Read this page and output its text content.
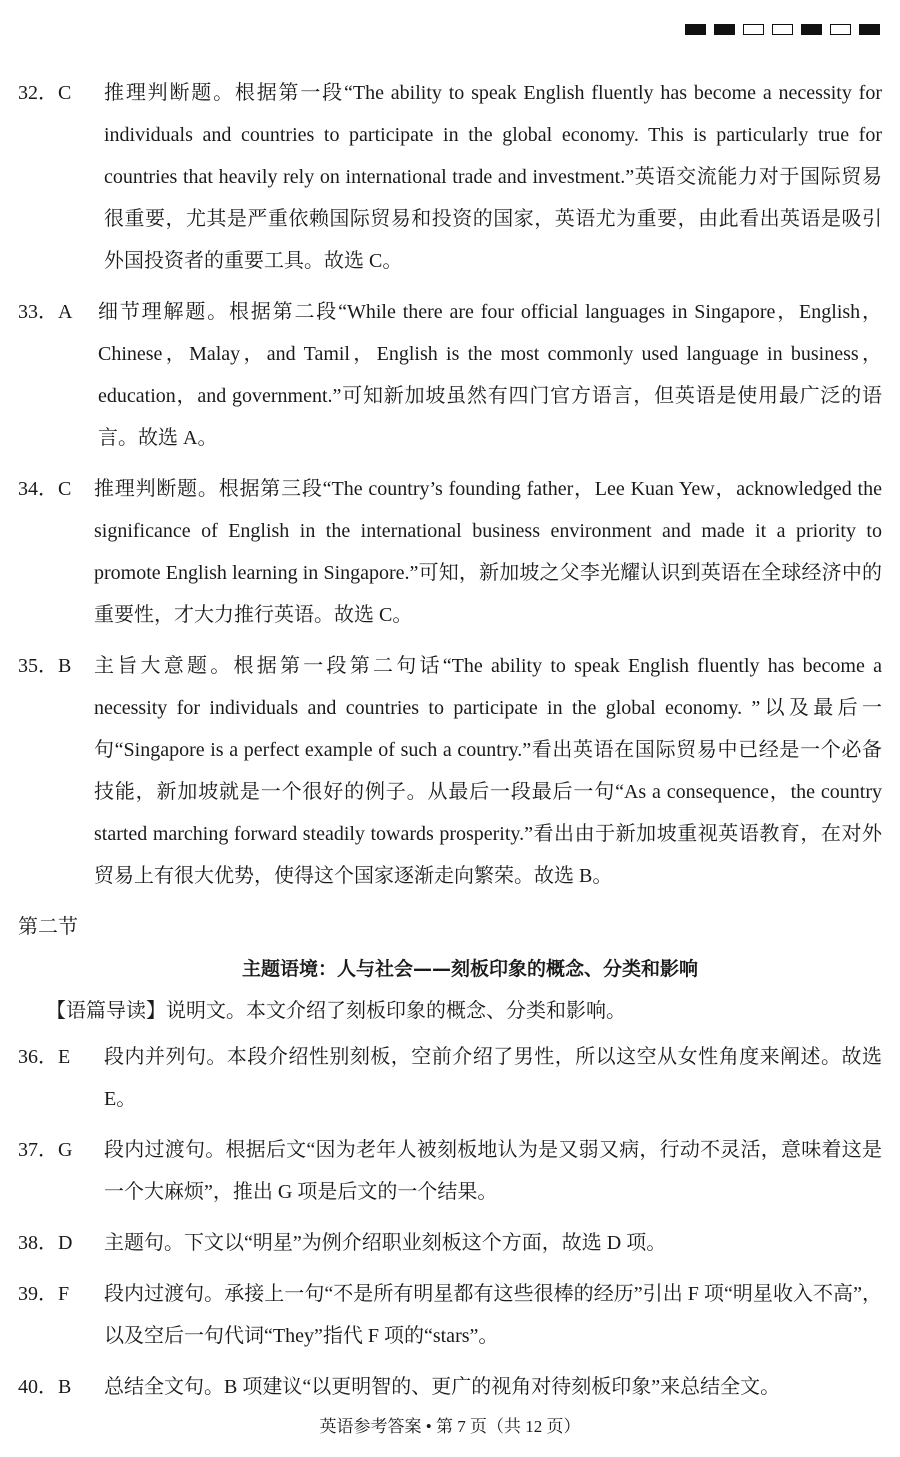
32．C 推理判断题。根据第一段“The ability to speak English fluently has become a necessity for individuals and countries to participate in the global economy. This is particularly true for countries that heavily rely on international trade and investment.”英语交流能力对于国际贸易很重要，尤其是严重依赖国际贸易和投资的国家，英语尤为重要，由此看出英语是吸引外国投资者的重要工具。故选 C。
33．A 细节理解题。根据第二段“While there are four official languages in Singapore，English，Chinese，Malay，and Tamil，English is the most commonly used language in business，education，and government.”可知新加坡虽然有四门官方语言，但英语是使用最广泛的语言。故选 A。
34．C 推理判断题。根据第三段“The country’s founding father，Lee Kuan Yew，acknowledged the significance of English in the international business environment and made it a priority to promote English learning in Singapore.”可知，新加坡之父李光耀认识到英语在全球经济中的重要性，才大力推行英语。故选 C。
35．B 主旨大意题。根据第一段第二句话“The ability to speak English fluently has become a necessity for individuals and countries to participate in the global economy. ”以及最后一句“Singapore is a perfect example of such a country.”看出英语在国际贸易中已经是一个必备技能，新加坡就是一个很好的例子。从最后一段最后一句“As a consequence，the country started marching forward steadily towards prosperity.”看出由于新加坡重视英语教育，在对外贸易上有很大优势，使得这个国家逐渐走向繁荣。故选 B。
第二节
主题语境：人与社会——刻板印象的概念、分类和影响
【语篇导读】说明文。本文介绍了刻板印象的概念、分类和影响。
36．E 段内并列句。本段介绍性别刻板，空前介绍了男性，所以这空从女性角度来阐述。故选 E。
37．G 段内过渡句。根据后文“因为老年人被刻板地认为是又弱又病，行动不灵活，意味着这是一个大麻烦”，推出 G 项是后文的一个结果。
38．D 主题句。下文以“明星”为例介绍职业刻板这个方面，故选 D 项。
39．F 段内过渡句。承接上一句“不是所有明星都有这些很棒的经历”引出 F 项“明星收入不高”，以及空后一句代词“They”指代 F 项的“stars”。
40．B 总结全文句。B 项建议“以更明智的、更广的视角对待刻板印象”来总结全文。
英语参考答案 • 第 7 页（共 12 页）
